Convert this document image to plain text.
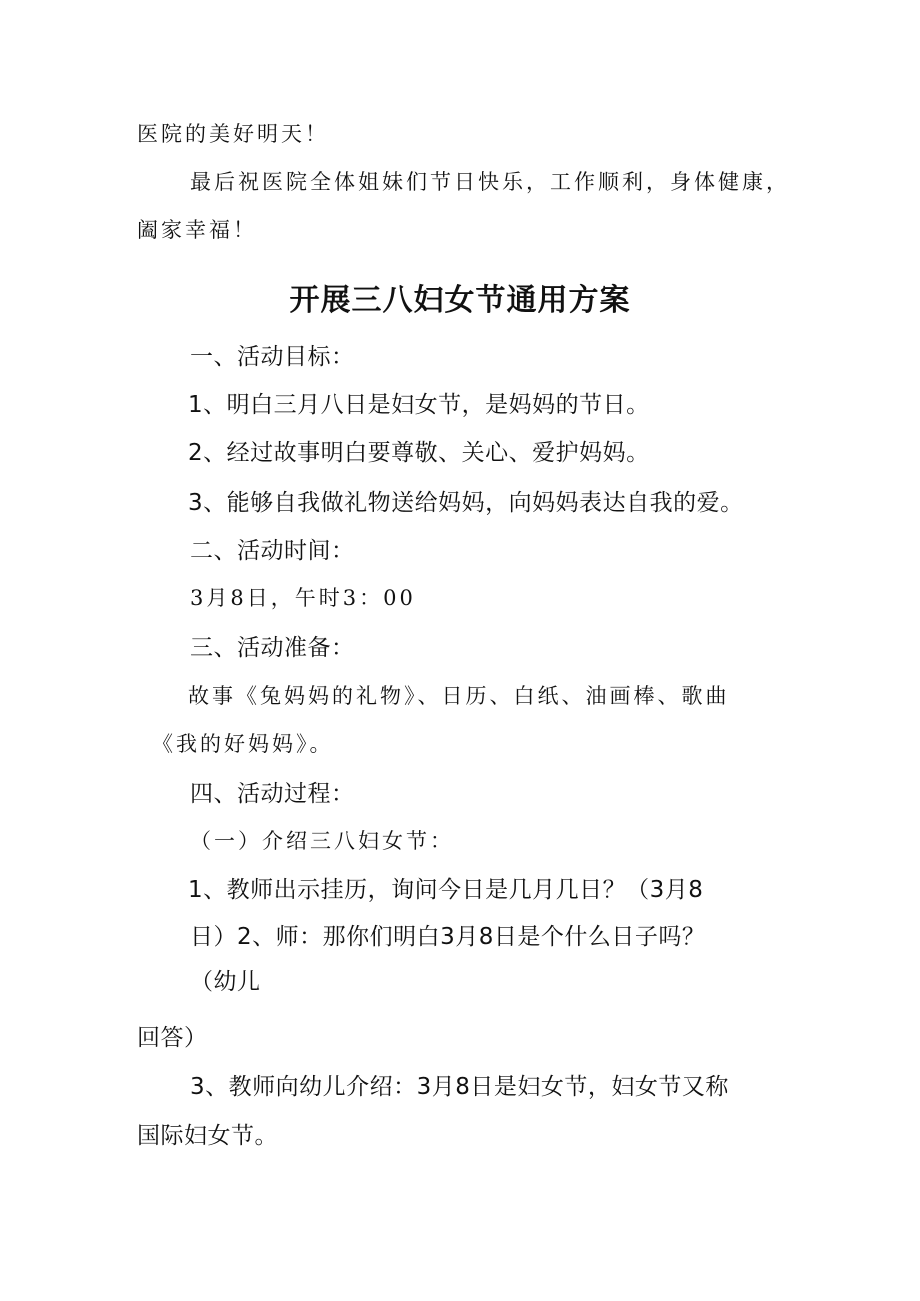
医院的美好明天！

最后祝医院全体姐妹们节日快乐，工作顺利，身体健康，

阖家幸福！

开展三八妇女节通用方案

一、活动目标：

1、明白三月八日是妇女节，是妈妈的节日。

2、经过故事明白要尊敬、关心、爱护妈妈。

3、能够自我做礼物送给妈妈，向妈妈表达自我的爱。

二、活动时间：

3月8日，午时3：00

三、活动准备：

故事《兔妈妈的礼物》、日历、白纸、油画棒、歌曲

《我的好妈妈》。

四、活动过程：

（一）介绍三八妇女节：

1、教师出示挂历，询问今日是几月几日？（3月8

日）2、师：那你们明白3月8日是个什么日子吗？

（幼儿

回答）

3、教师向幼儿介绍：3月8日是妇女节，妇女节又称

国际妇女节。
